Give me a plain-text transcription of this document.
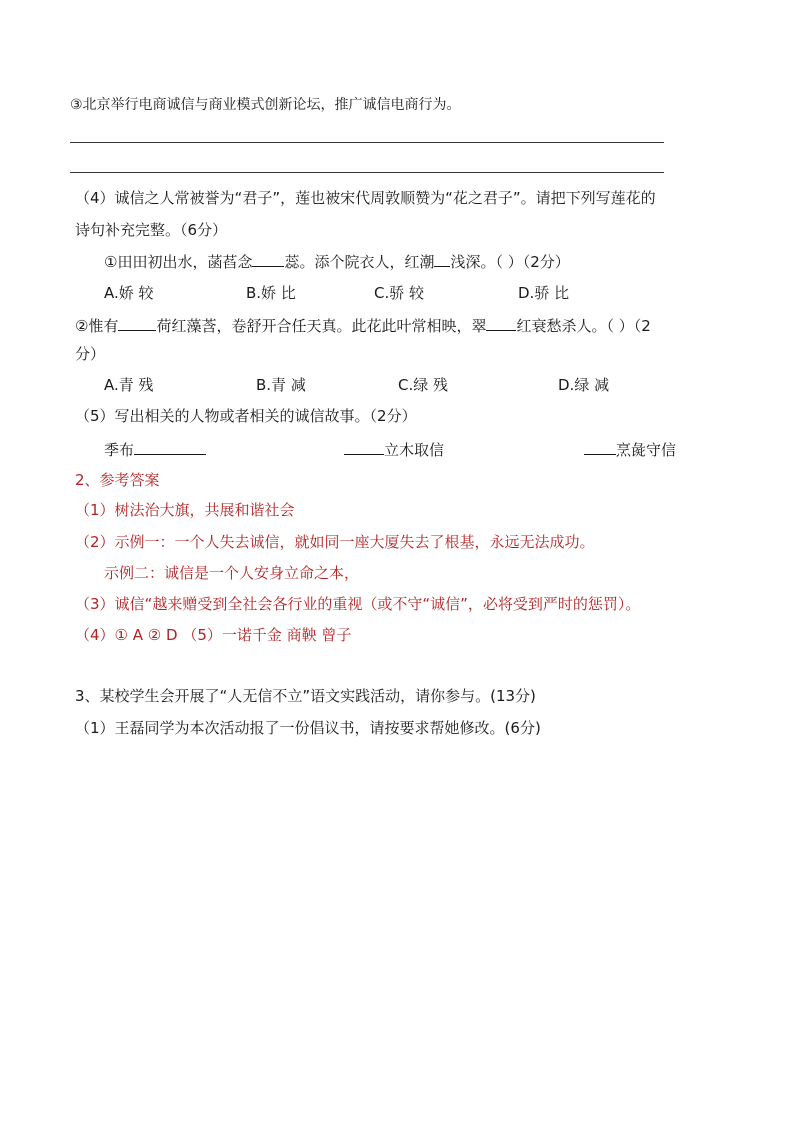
③北京举行电商诚信与商业模式创新论坛，推广诚信电商行为。
（4）诚信之人常被誉为“君子”，莲也被宋代周敦顺赞为“花之君子”。请把下列写莲花的
诗句补充完整。（6分）
①田田初出水，菡萏念 蕊。添个院衣人，红潮 浅深。（ ）（2分）
A.娇 较	B.娇 比	C.骄 较	D.骄 比
②惟有	荷红藻莟，卷舒开合任天真。此花此叶常相映，翠 红衰愁杀人。（ ）（2
分）
A.青 残	B.青 减	C.绿 残	D.绿 减
（5）写出相关的人物或者相关的诚信故事。（2分）
季布	立木取信	烹彘守信
2、参考答案
（1）树法治大旗，共展和谐社会
（2）示例一：一个人失去诚信，就如同一座大厦失去了根基，永远无法成功。
示例二：诚信是一个人安身立命之本，
（3）诚信“越来赠受到全社会各行业的重视（或不守“诚信”，必将受到严时的惩罚）。
（4）① A ② D （5）一诺千金 商鞅 曾子
3、某校学生会开展了“人无信不立”语文实践活动，请你参与。(13分)
（1）王磊同学为本次活动报了一份倡议书，请按要求帮她修改。(6分)
